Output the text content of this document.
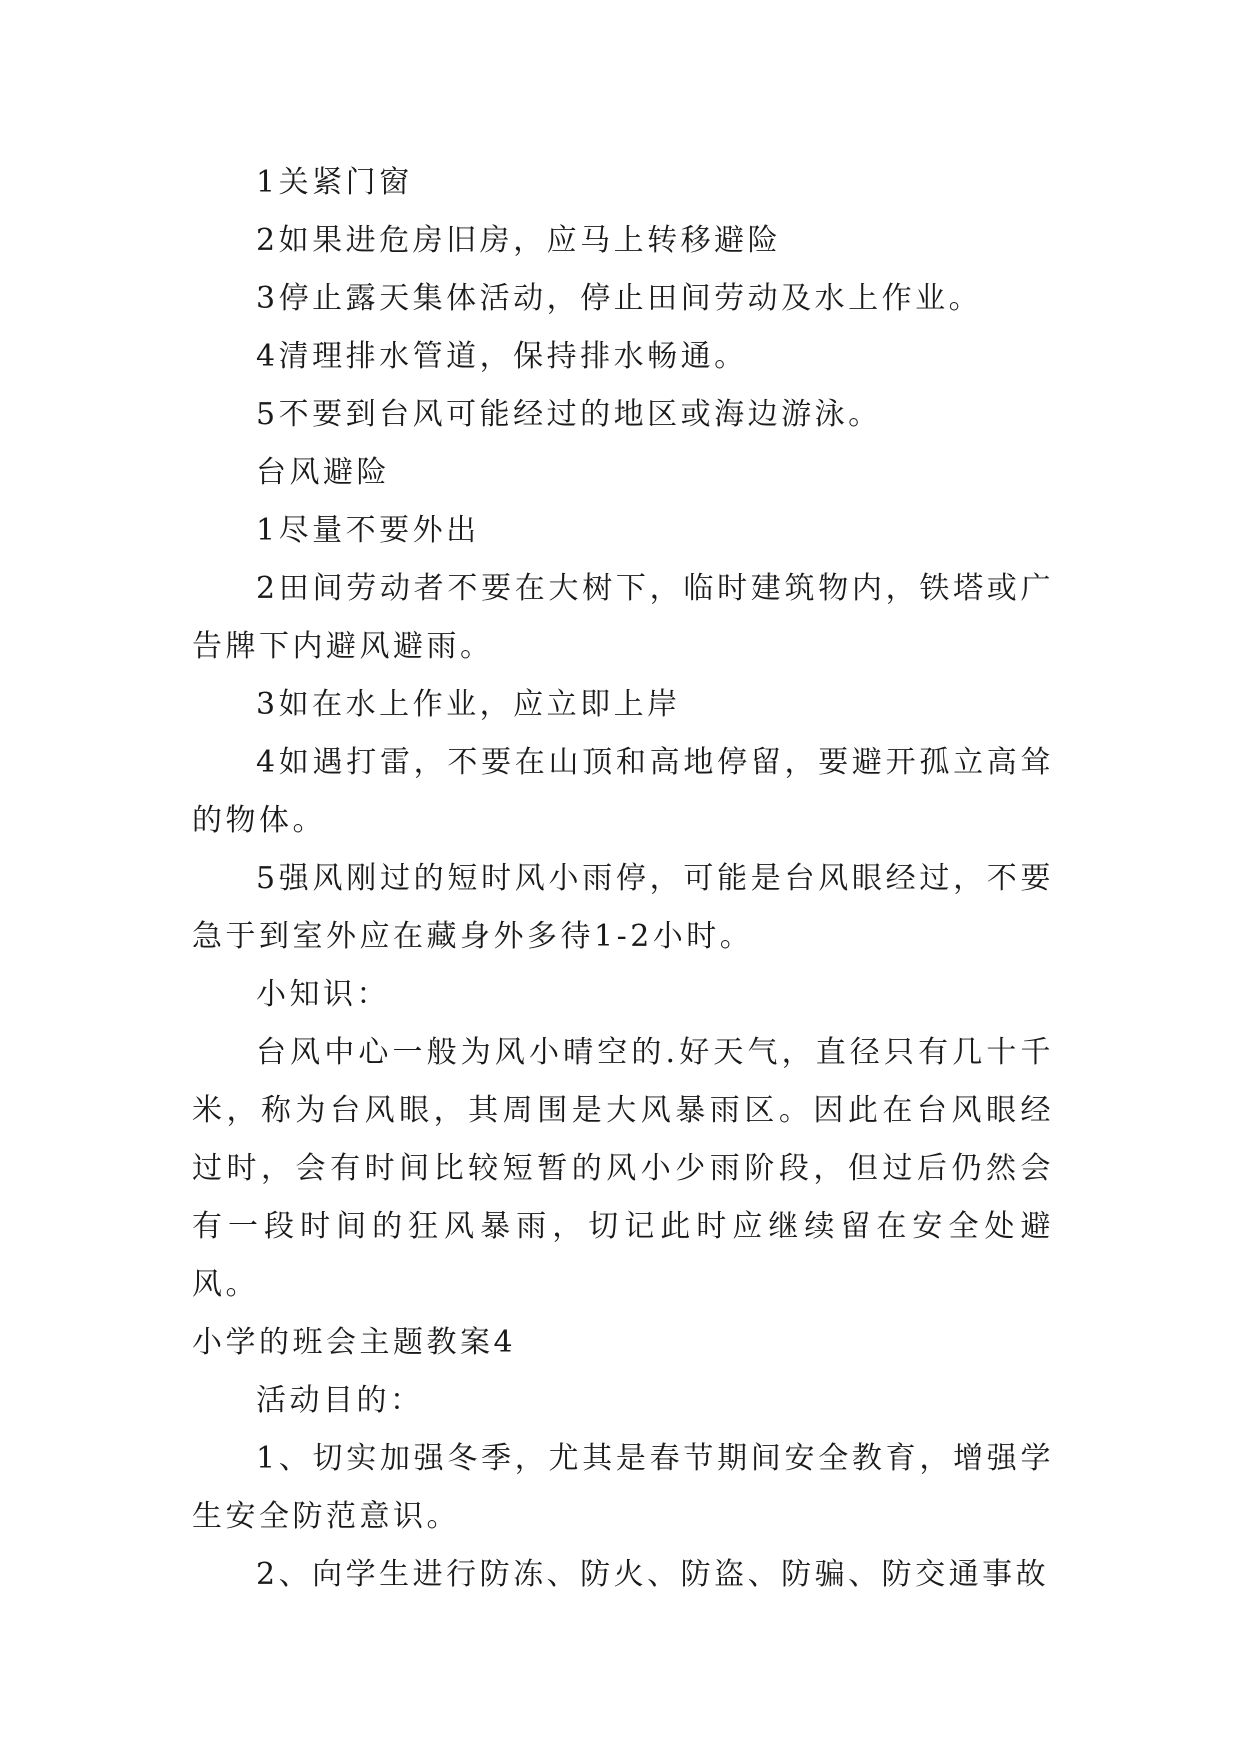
1关紧门窗

2如果进危房旧房，应马上转移避险

3停止露天集体活动，停止田间劳动及水上作业。

4清理排水管道，保持排水畅通。

5不要到台风可能经过的地区或海边游泳。

台风避险

1尽量不要外出

2田间劳动者不要在大树下，临时建筑物内，铁塔或广告牌下内避风避雨。

3如在水上作业，应立即上岸

4如遇打雷，不要在山顶和高地停留，要避开孤立高耸的物体。

5强风刚过的短时风小雨停，可能是台风眼经过，不要急于到室外应在藏身外多待1-2小时。

小知识：

台风中心一般为风小晴空的.好天气，直径只有几十千米，称为台风眼，其周围是大风暴雨区。因此在台风眼经过时，会有时间比较短暂的风小少雨阶段，但过后仍然会有一段时间的狂风暴雨，切记此时应继续留在安全处避风。

小学的班会主题教案4

活动目的：

1、切实加强冬季，尤其是春节期间安全教育，增强学生安全防范意识。

2、向学生进行防冻、防火、防盗、防骗、防交通事故
